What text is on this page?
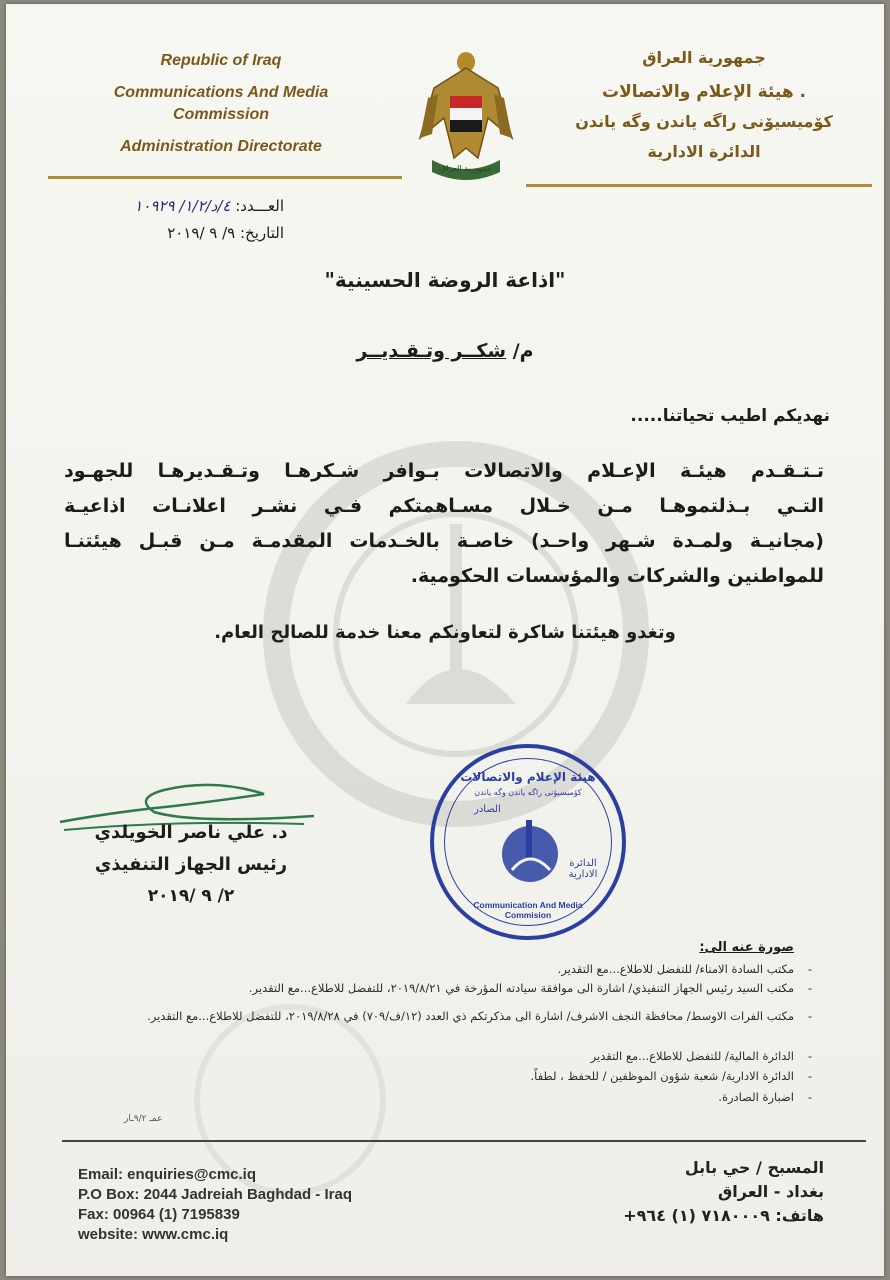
Republic of Iraq
Communications And Media
Commission
Administration Directorate
جمهورية العراق
جمهورية العراق
. هيئة الإعلام والاتصالات
كۆميسيۆنى راگه ياندن وگه ياندن
الدائرة الادارية
العـــدد: ٤/د/١/٢/ ١٠٩٢٩
التاريخ: ٩/ ٩ /٢٠١٩
"اذاعة الروضة الحسينية"
م/ شكــر وتـقـديــر
نهديكم اطيب تحياتنا.....
تـتـقـدم هيئـة الإعـلام والاتصالات بـوافر شـكرهـا وتـقـديرهـا للجهـود
التـي بـذلتموهـا مـن خـلال مسـاهمتكم فـي نشـر اعلانـات اذاعيـة
(مجانيـة ولمـدة شـهر واحـد) خاصـة بالخـدمات المقدمـة مـن قبـل هيئتنـا
للمواطنين والشركات والمؤسسات الحكومية.
وتغدو هيئتنا شاكرة لتعاونكم معنا خدمة للصالح العام.
د. علي ناصر الخويلدي
رئيس الجهاز التنفيذي
٢/ ٩ /٢٠١٩
هيئة الإعلام والاتصالات
كۆميسيۆنى راگه ياندن وگه ياندن
الصادر
الدائرة الادارية
Communication And Media Commision
صورة عنه الى:
-
مكتب السادة الامناء/ للتفضل للاطلاع...مع التقدير.
-
مكتب السيد رئيس الجهاز التنفيذي/ اشارة الى موافقة سيادته المؤرخة في ٢٠١٩/٨/٢١، للتفضل للاطلاع...مع التقدير.
-
مكتب الفرات الاوسط/ محافظة النجف الاشرف/ اشارة الى مذكرتكم ذي العدد (١٢/ف/٧٠٩) في ٢٠١٩/٨/٢٨، للتفضل للاطلاع...مع التقدير.
-
الدائرة المالية/ للتفضل للاطلاع...مع التقدير
-
الدائرة الادارية/ شعبة شؤون الموظفين / للحفظ ، لطفاً.
-
اضبارة الصادرة.
عمـ ٩/٢ـار
Email: enquiries@cmc.iq
P.O Box: 2044 Jadreiah Baghdad - Iraq
Fax: 00964 (1) 7195839
website: www.cmc.iq
المسبح / حي بابل
بغداد - العراق
هاتف: ٧١٨٠٠٠٩ (١) ٩٦٤+
